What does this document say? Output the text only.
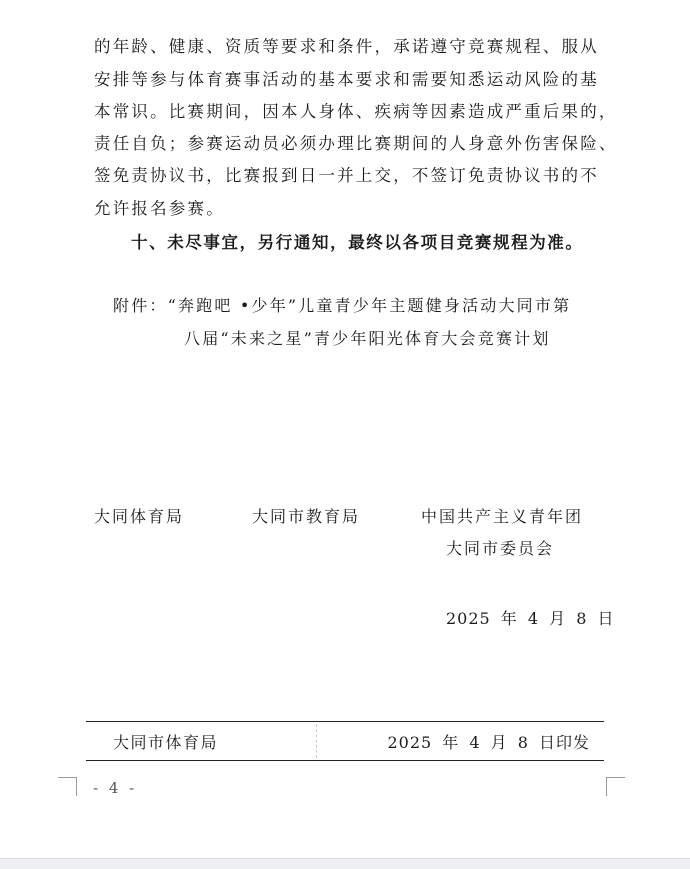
的年龄、健康、资质等要求和条件，承诺遵守竞赛规程、服从
安排等参与体育赛事活动的基本要求和需要知悉运动风险的基
本常识。比赛期间，因本人身体、疾病等因素造成严重后果的，
责任自负；参赛运动员必须办理比赛期间的人身意外伤害保险、
签免责协议书，比赛报到日一并上交，不签订免责协议书的不
允许报名参赛。
十、未尽事宜，另行通知，最终以各项目竞赛规程为准。
附件：“奔跑吧 •少年”儿童青少年主题健身活动大同市第
八届“未来之星”青少年阳光体育大会竞赛计划
大同体育局	大同市教育局	中国共产主义青年团
大同市委员会
2025 年 4 月 8 日
大同市体育局	2025 年 4 月 8 日印发
- 4 -
